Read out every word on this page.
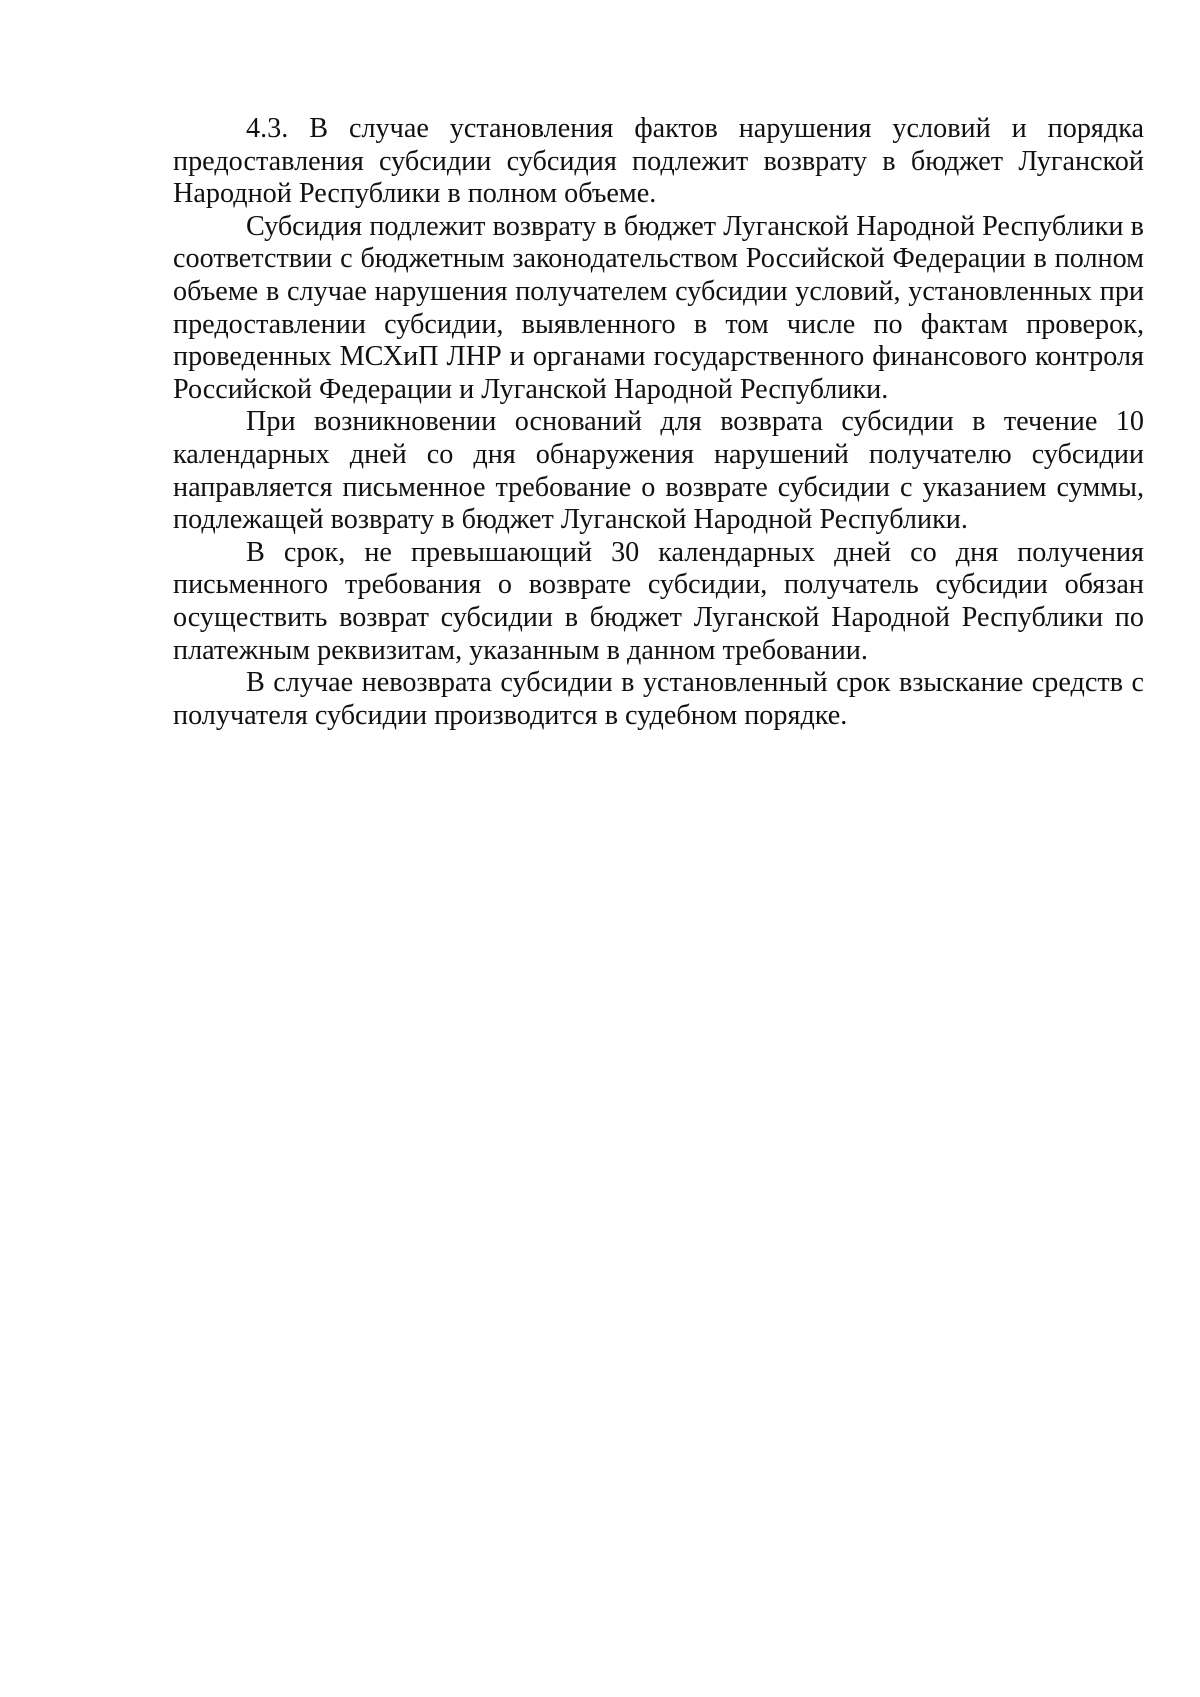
4.3. В случае установления фактов нарушения условий и порядка предоставления субсидии субсидия подлежит возврату в бюджет Луганской Народной Республики в полном объеме.

Субсидия подлежит возврату в бюджет Луганской Народной Республики в соответствии с бюджетным законодательством Российской Федерации в полном объеме в случае нарушения получателем субсидии условий, установленных при предоставлении субсидии, выявленного в том числе по фактам проверок, проведенных МСХиП ЛНР и органами государственного финансового контроля Российской Федерации и Луганской Народной Республики.

При возникновении оснований для возврата субсидии в течение 10 календарных дней со дня обнаружения нарушений получателю субсидии направляется письменное требование о возврате субсидии с указанием суммы, подлежащей возврату в бюджет Луганской Народной Республики.

В срок, не превышающий 30 календарных дней со дня получения письменного требования о возврате субсидии, получатель субсидии обязан осуществить возврат субсидии в бюджет Луганской Народной Республики по платежным реквизитам, указанным в данном требовании.

В случае невозврата субсидии в установленный срок взыскание средств с получателя субсидии производится в судебном порядке.
